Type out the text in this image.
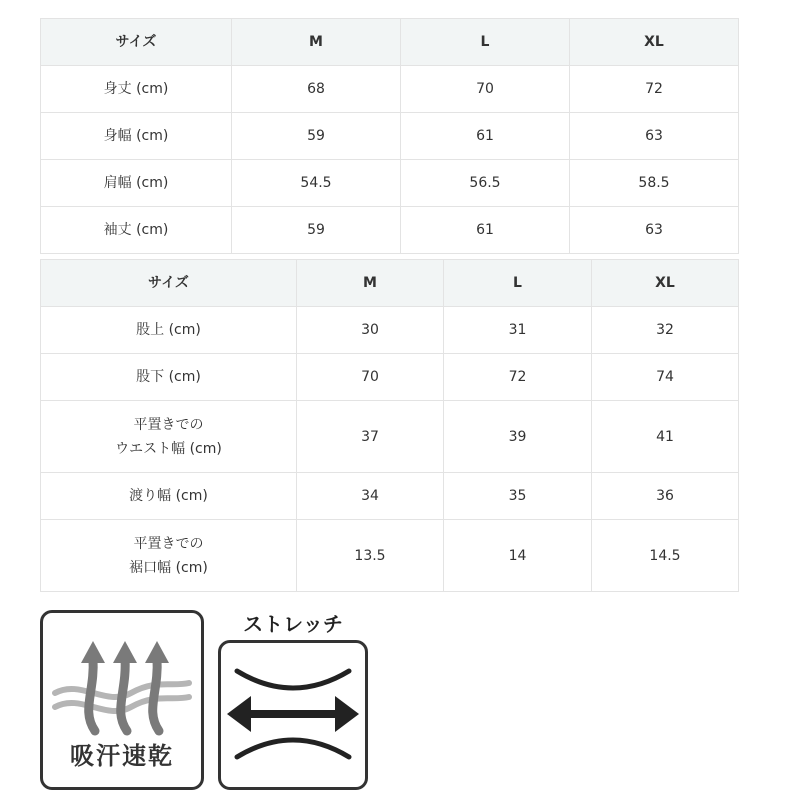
サイズ	M	L	XL
身丈 (cm)	68	70	72
身幅 (cm)	59	61	63
肩幅 (cm)	54.5	56.5	58.5
袖丈 (cm)	59	61	63
サイズ	M	L	XL
股上 (cm)	30	31	32
股下 (cm)	70	72	74
平置きでの
ウエスト幅 (cm)	37	39	41
渡り幅 (cm)	34	35	36
平置きでの
裾口幅 (cm)	13.5	14	14.5
吸汗速乾
ストレッチ
